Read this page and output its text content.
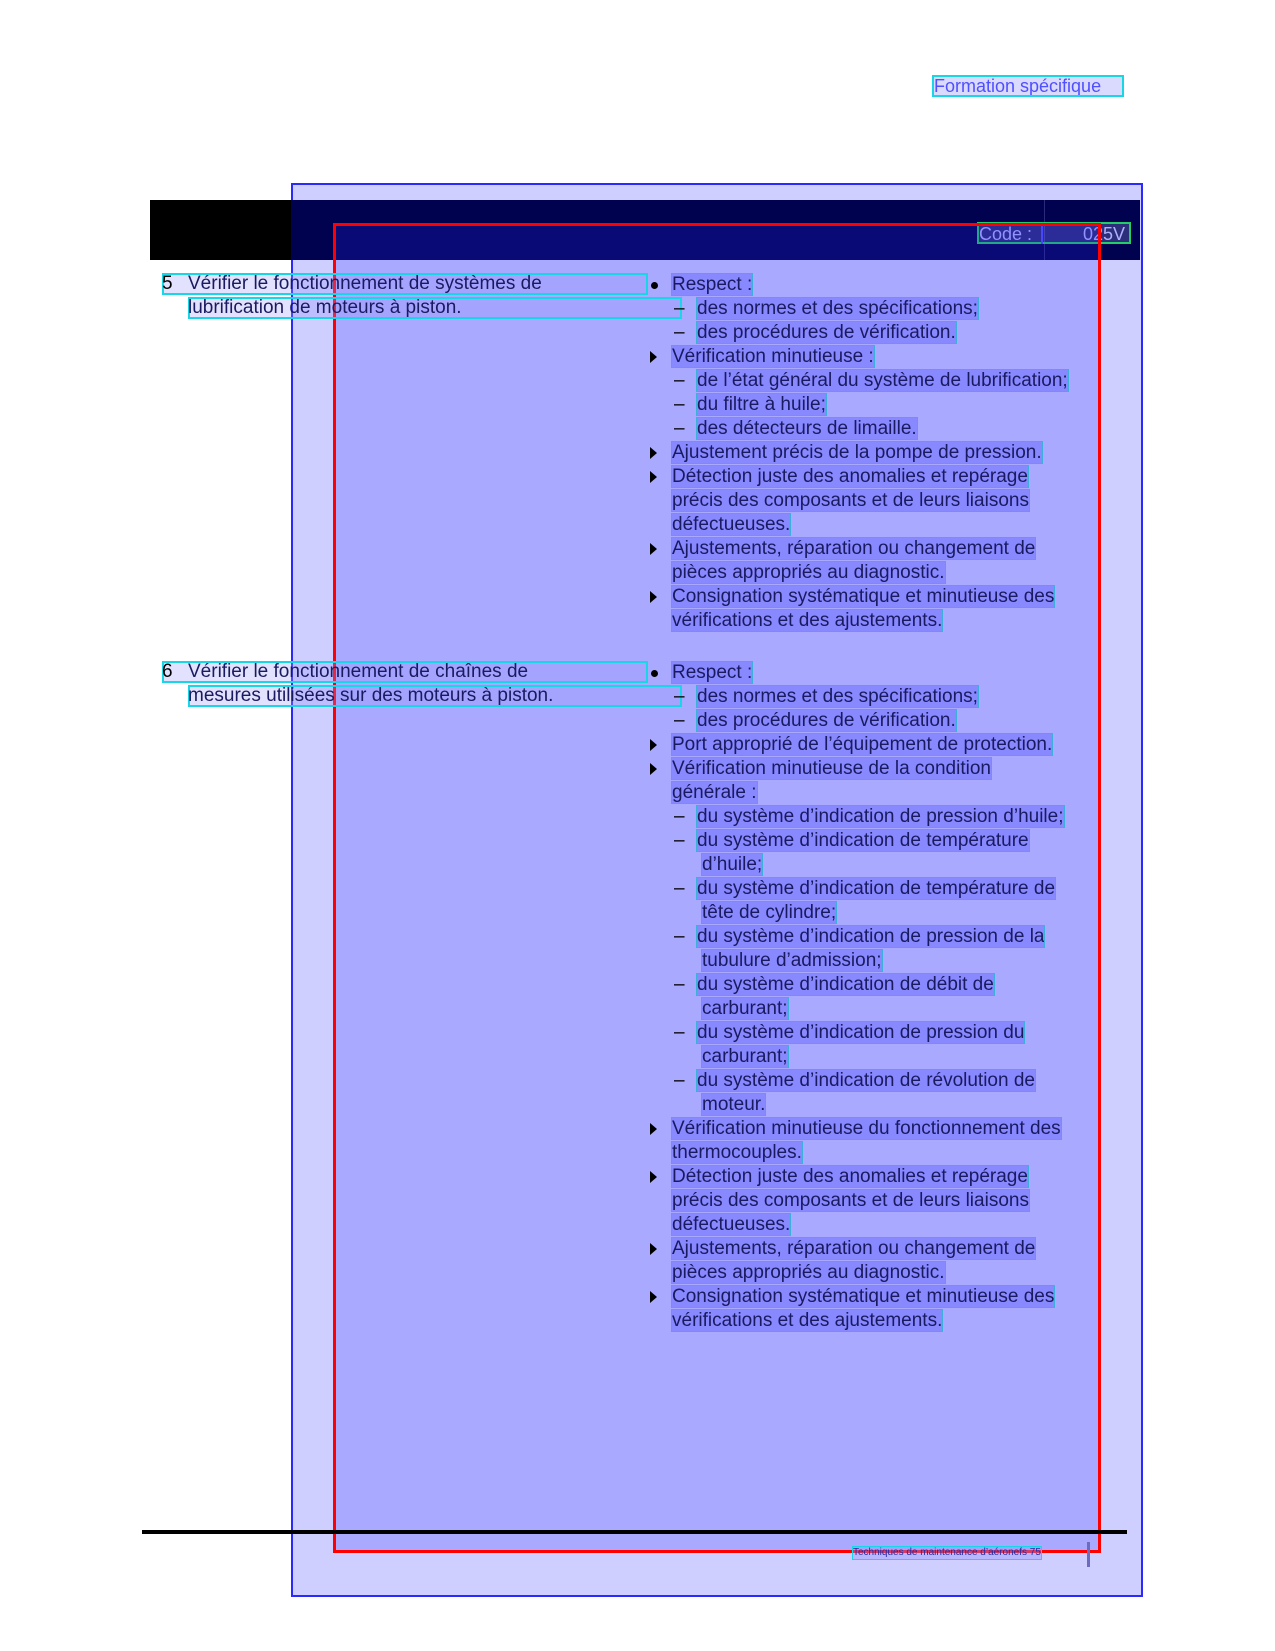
Formation spécifique
Code :	025V
5 Vérifier le fonctionnement de systèmes de
lubrification de moteurs à piston.
Respect :
– des normes et des spécifications;
– des procédures de vérification.
Vérification minutieuse :
– de l’état général du système de lubrification;
– du filtre à huile;
– des détecteurs de limaille.
Ajustement précis de la pompe de pression.
Détection juste des anomalies et repérage
précis des composants et de leurs liaisons
défectueuses.
Ajustements, réparation ou changement de
pièces appropriés au diagnostic.
Consignation systématique et minutieuse des
vérifications et des ajustements.
6 Vérifier le fonctionnement de chaînes de
mesures utilisées sur des moteurs à piston.
Respect :
– des normes et des spécifications;
– des procédures de vérification.
Port approprié de l’équipement de protection.
Vérification minutieuse de la condition
générale :
– du système d’indication de pression d’huile;
– du système d’indication de température
d’huile;
– du système d’indication de température de
tête de cylindre;
– du système d’indication de pression de la
tubulure d’admission;
– du système d’indication de débit de
carburant;
– du système d’indication de pression du
carburant;
– du système d’indication de révolution de
moteur.
Vérification minutieuse du fonctionnement des
thermocouples.
Détection juste des anomalies et repérage
précis des composants et de leurs liaisons
défectueuses.
Ajustements, réparation ou changement de
pièces appropriés au diagnostic.
Consignation systématique et minutieuse des
vérifications et des ajustements.
Techniques de maintenance d’aéronefs 75
